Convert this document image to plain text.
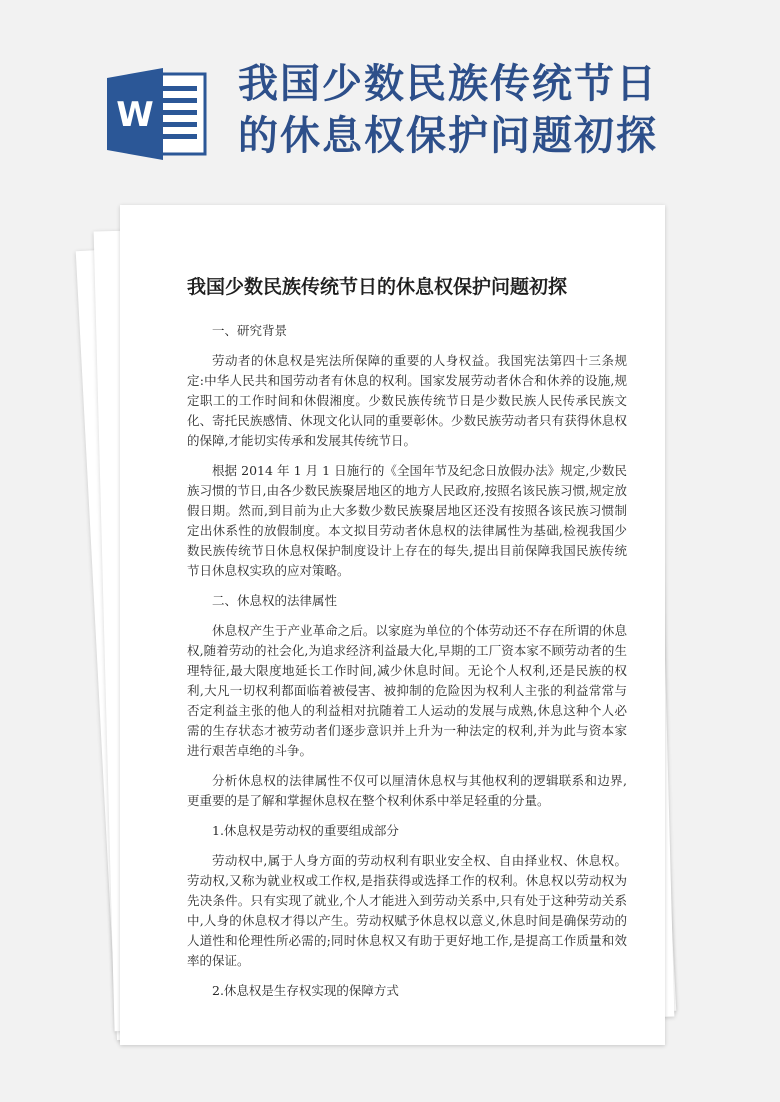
W
我国少数民族传统节日
的休息权保护问题初探
我国少数民族传统节日的休息权保护问题初探
一、研究背景

劳动者的休息权是宪法所保障的重要的人身权益。我国宪法第四十三条规定:中华人民共和国劳动者有休息的权利。国家发展劳动者休合和休养的设施,规定职工的工作时间和休假湘度。少数民族传统节日是少数民族人民传承民族文化、寄托民族感情、休现文化认同的重要彰休。少数民族劳动者只有获得休息权的保障,才能切实传承和发展其传统节日。

根据 2014 年 1 月 1 日施行的《全国年节及纪念日放假办法》规定,少数民族习惯的节日,由各少数民族聚居地区的地方人民政府,按照名该民族习惯,规定放假日期。然而,到目前为止大多数少数民族聚居地区还没有按照各该民族习惯制定出休系性的放假制度。本文拟目劳动者休息权的法律属性为基础,检视我国少数民族传统节日休息权保护制度设计上存在的每失,提出目前保障我国民族传统节日休息权实玖的应对策略。

二、休息权的法律属性

休息权产生于产业革命之后。以家庭为单位的个体劳动还不存在所谓的休息权,随着劳动的社会化,为追求经济利益最大化,早期的工厂资本家不顾劳动者的生理特征,最大限度地延长工作时间,减少休息时间。无论个人权利,还是民族的权利,大凡一切权利都面临着被侵害、被抑制的危险因为权利人主张的利益常常与否定利益主张的他人的利益相对抗随着工人运动的发展与成熟,休息这种个人必需的生存状态才被劳动者们逐步意识并上升为一种法定的权利,并为此与资本家进行艰苦卓绝的斗争。

分析休息权的法律属性不仅可以厘清休息权与其他权利的逻辑联系和边界,更重要的是了解和掌握休息权在整个权利休系中举足轻重的分量。

1.休息权是劳动权的重要组成部分

劳动权中,属于人身方面的劳动权利有职业安全权、自由择业权、休息权。劳动权,又称为就业权或工作权,是指获得或选择工作的权利。休息权以劳动权为先决条件。只有实现了就业,个人才能进入到劳动关系中,只有处于这种劳动关系中,人身的休息权才得以产生。劳动权赋予休息权以意义,休息时间是确保劳动的人道性和伦理性所必需的;同时休息权又有助于更好地工作,是提高工作质量和效率的保证。

2.休息权是生存权实现的保障方式
